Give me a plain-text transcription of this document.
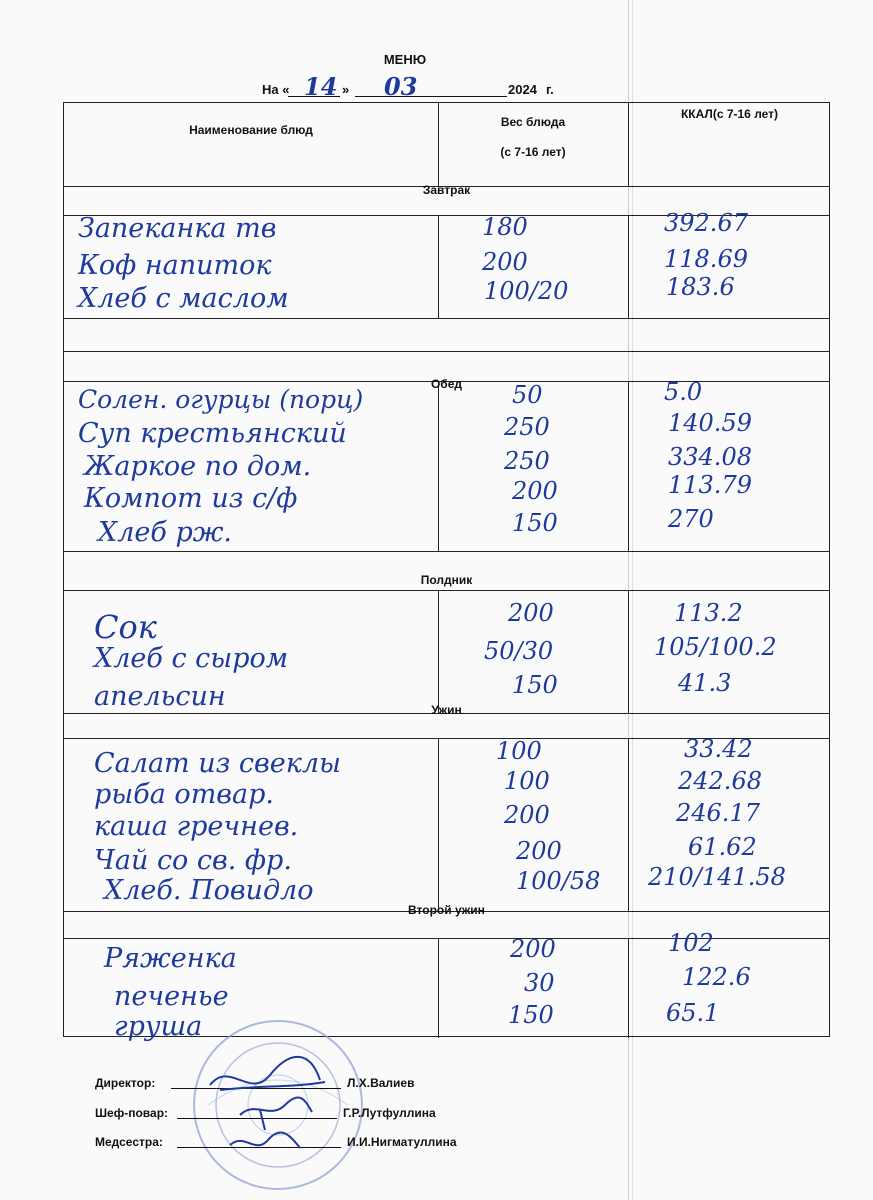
МЕНЮ
На « 14 » 03	2024 г.
Наименование блюд
Вес блюда
(с 7-16 лет)
ККАЛ(с 7-16 лет)
Завтрак
Обед
Полдник
Ужин
Второй ужин
Запеканка тв	180	392.67
Коф напиток	200	118.69
Хлеб с маслом	100/20	183.6
Солен. огурцы (порц)	50	5.0
Суп крестьянский	250	140.59
Жаркое по дом.	250	334.08
Компот из с/ф	200	113.79
Хлеб рж.	150	270
Сок	200	113.2
Хлеб с сыром	50/30	105/100.2
апельсин	150	41.3
Салат из свеклы	100	33.42
рыба отвар.	100	242.68
каша гречнев.	200	246.17
Чай со св. фр.	200	61.62
Хлеб. Повидло	100/58 210/141.58
Ряженка	200	102
печенье	30	122.6
груша	150	65.1
Директор:	Л.Х.Валиев
Шеф-повар:	Г.Р.Лутфуллина
Медсестра:	И.И.Нигматуллина
